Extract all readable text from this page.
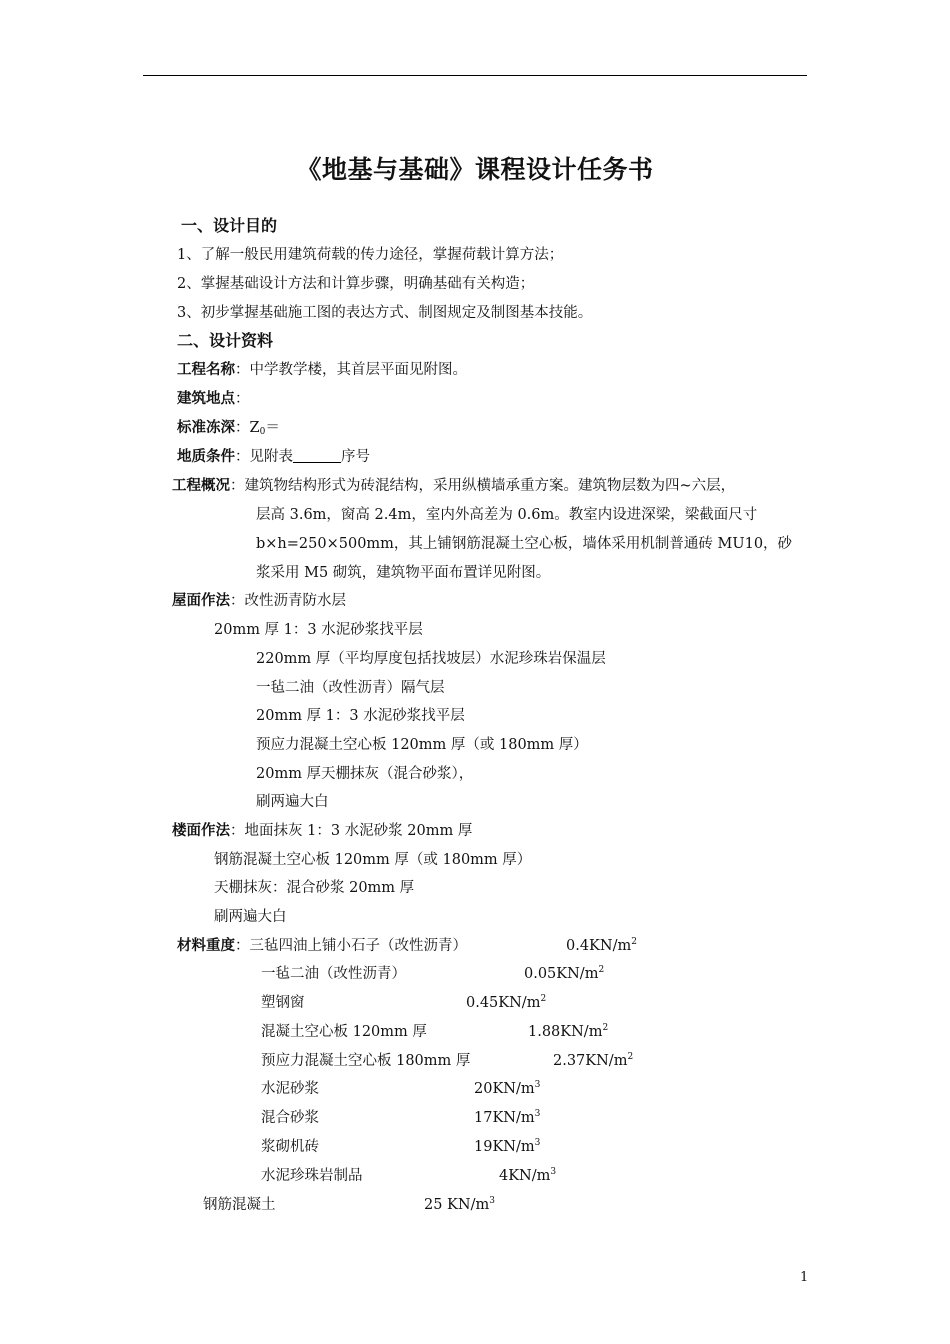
《地基与基础》课程设计任务书
一、设计目的
1、了解一般民用建筑荷载的传力途径，掌握荷载计算方法；
2、掌握基础设计方法和计算步骤，明确基础有关构造；
3、初步掌握基础施工图的表达方式、制图规定及制图基本技能。
二、设计资料
工程名称：中学教学楼，其首层平面见附图。
建筑地点：
标准冻深：$Z_0=$
地质条件：见附表	序号
工程概况：建筑物结构形式为砖混结构，采用纵横墙承重方案。建筑物层数为四~六层，
层高 3.6m，窗高 2.4m，室内外高差为 0.6m。教室内设进深梁，梁截面尺寸
b×h=250×500mm，其上铺钢筋混凝土空心板，墙体采用机制普通砖 MU10，砂
浆采用 M5 砌筑，建筑物平面布置详见附图。
屋面作法：改性沥青防水层
20mm 厚 1：3 水泥砂浆找平层
220mm 厚（平均厚度包括找坡层）水泥珍珠岩保温层
一毡二油（改性沥青）隔气层
20mm 厚 1：3 水泥砂浆找平层
预应力混凝土空心板 120mm 厚（或 180mm 厚）
20mm 厚天棚抹灰（混合砂浆），
刷两遍大白
楼面作法：地面抹灰 1：3 水泥砂浆 20mm 厚
钢筋混凝土空心板 120mm 厚（或 180mm 厚）
天棚抹灰：混合砂浆 20mm 厚
刷两遍大白
材料重度：三毡四油上铺小石子（改性沥青）	$0.4KN/m^2$
一毡二油（改性沥青）	$0.05KN/m^2$
塑钢窗	$0.45KN/m^2$
混凝土空心板 120mm 厚	$1.88KN/m^2$
预应力混凝土空心板 180mm 厚	$2.37KN/m^2$
水泥砂浆	$20KN/m^3$
混合砂浆	$17KN/m^3$
浆砌机砖	$19KN/m^3$
水泥珍珠岩制品	$4KN/m^3$
钢筋混凝土	25 $KN/m^3$
1
